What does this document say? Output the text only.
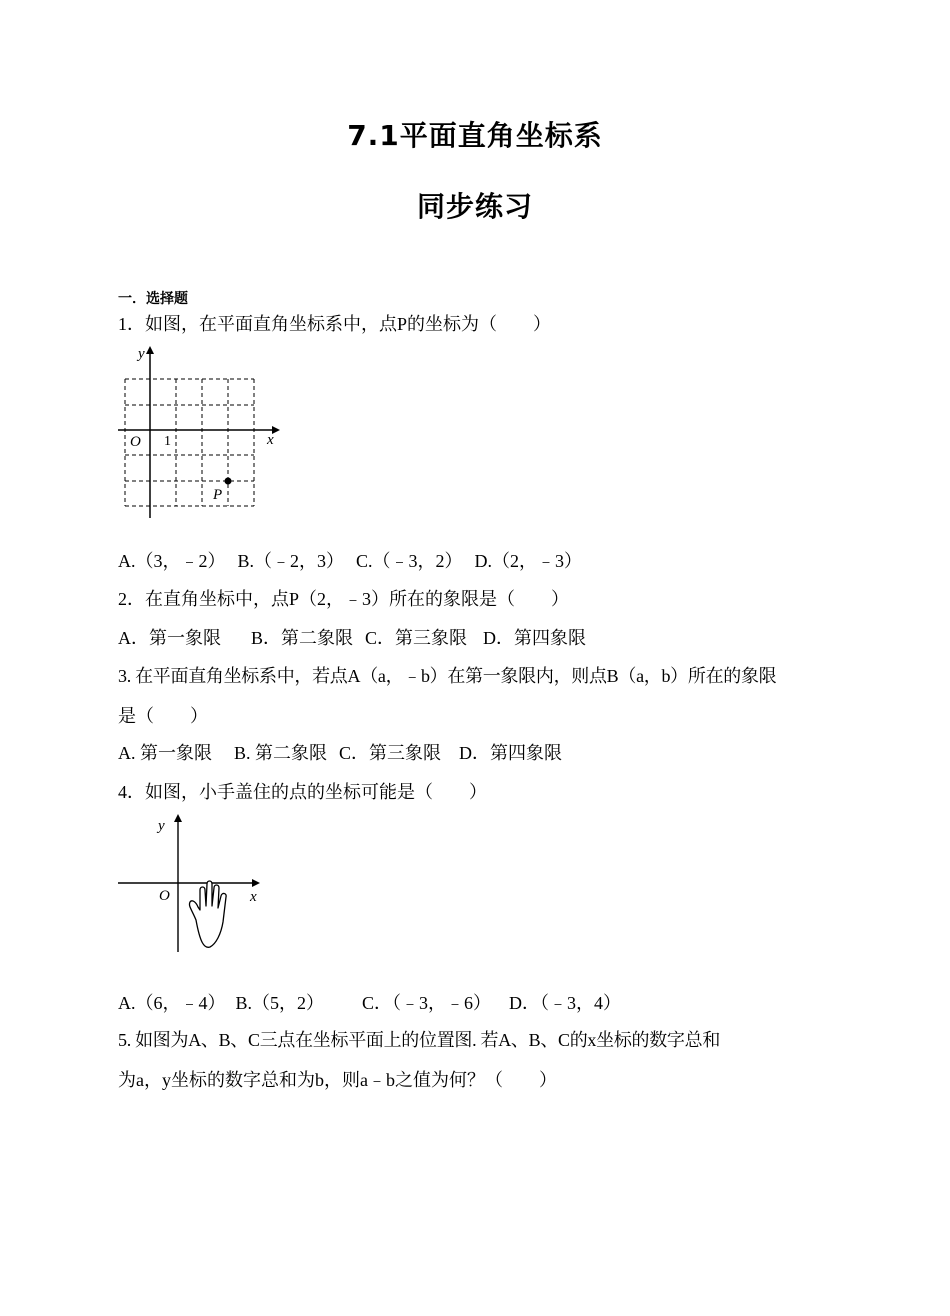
7.1平面直角坐标系
同步练习
一．选择题
1．如图，在平面直角坐标系中，点P的坐标为（　　）
y
x
O 1
P
A.（3，﹣2） B.（﹣2，3） C.（﹣3，2） D.（2，﹣3）
2．在直角坐标中，点P（2，﹣3）所在的象限是（　　）
A．第一象限 B．第二象限 C．第三象限 D．第四象限
3. 在平面直角坐标系中，若点A（a，﹣b）在第一象限内，则点B（a，b）所在的象限
是（　　）
A. 第一象限 B. 第二象限 C．第三象限 D．第四象限
4．如图，小手盖住的点的坐标可能是（　　）
y
x
O
A.（6，﹣4） B.（5，2） C．（﹣3，﹣6） D．（﹣3，4）
5. 如图为A、B、C三点在坐标平面上的位置图. 若A、B、C的x坐标的数字总和
为a，y坐标的数字总和为b，则a﹣b之值为何？（　　）
